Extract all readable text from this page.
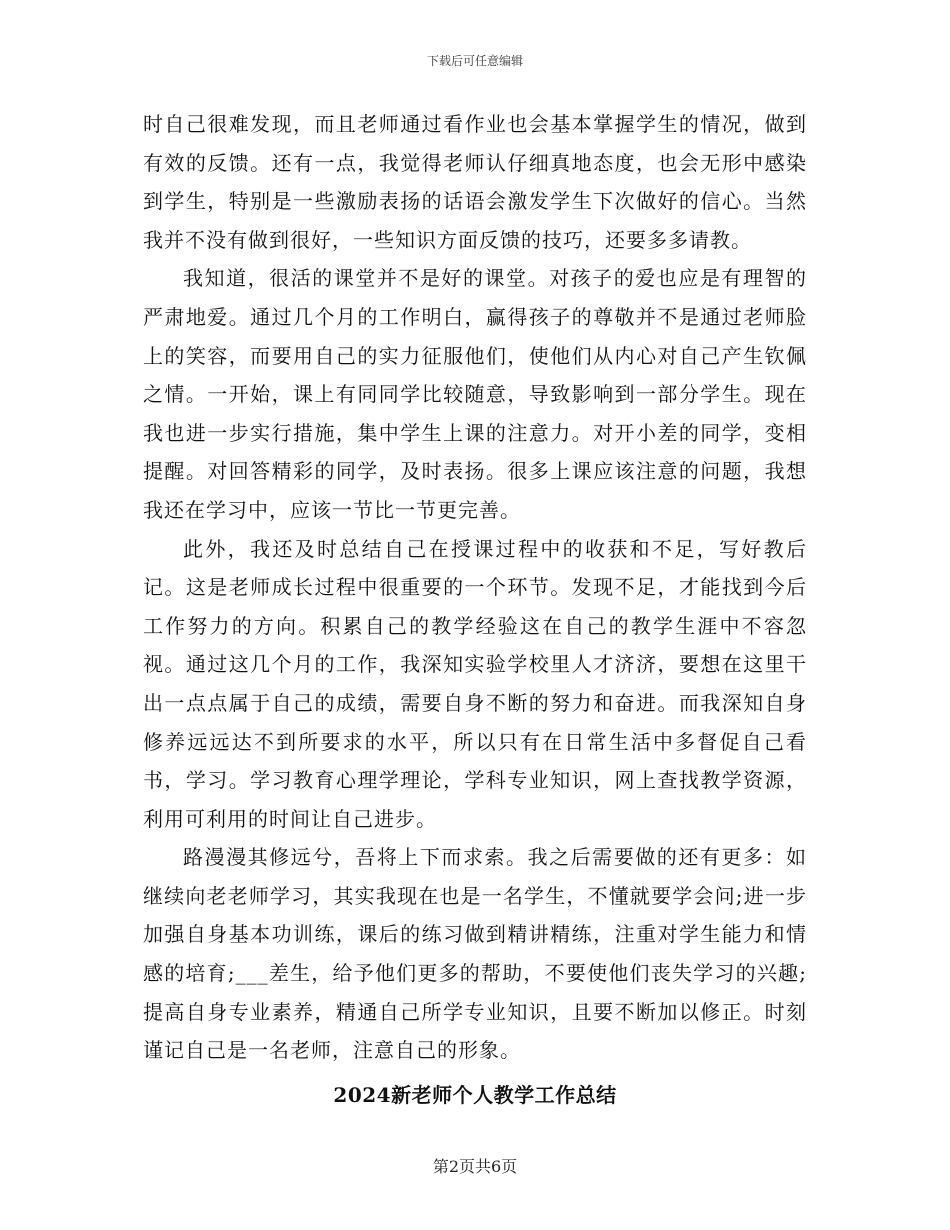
下载后可任意编辑

时自己很难发现，而且老师通过看作业也会基本掌握学生的情况，做到有效的反馈。还有一点，我觉得老师认仔细真地态度，也会无形中感染到学生，特别是一些激励表扬的话语会激发学生下次做好的信心。当然我并不没有做到很好，一些知识方面反馈的技巧，还要多多请教。

我知道，很活的课堂并不是好的课堂。对孩子的爱也应是有理智的严肃地爱。通过几个月的工作明白，赢得孩子的尊敬并不是通过老师脸上的笑容，而要用自己的实力征服他们，使他们从内心对自己产生钦佩之情。一开始，课上有同同学比较随意，导致影响到一部分学生。现在我也进一步实行措施，集中学生上课的注意力。对开小差的同学，变相提醒。对回答精彩的同学，及时表扬。很多上课应该注意的问题，我想我还在学习中，应该一节比一节更完善。

此外，我还及时总结自己在授课过程中的收获和不足，写好教后记。这是老师成长过程中很重要的一个环节。发现不足，才能找到今后工作努力的方向。积累自己的教学经验这在自己的教学生涯中不容忽视。通过这几个月的工作，我深知实验学校里人才济济，要想在这里干出一点点属于自己的成绩，需要自身不断的努力和奋进。而我深知自身修养远远达不到所要求的水平，所以只有在日常生活中多督促自己看书，学习。学习教育心理学理论，学科专业知识，网上查找教学资源，利用可利用的时间让自己进步。

路漫漫其修远兮，吾将上下而求索。我之后需要做的还有更多：如继续向老老师学习，其实我现在也是一名学生，不懂就要学会问;进一步加强自身基本功训练，课后的练习做到精讲精练，注重对学生能力和情感的培育;___差生，给予他们更多的帮助，不要使他们丧失学习的兴趣;提高自身专业素养，精通自己所学专业知识，且要不断加以修正。时刻谨记自己是一名老师，注意自己的形象。

2024新老师个人教学工作总结

第2页共6页
